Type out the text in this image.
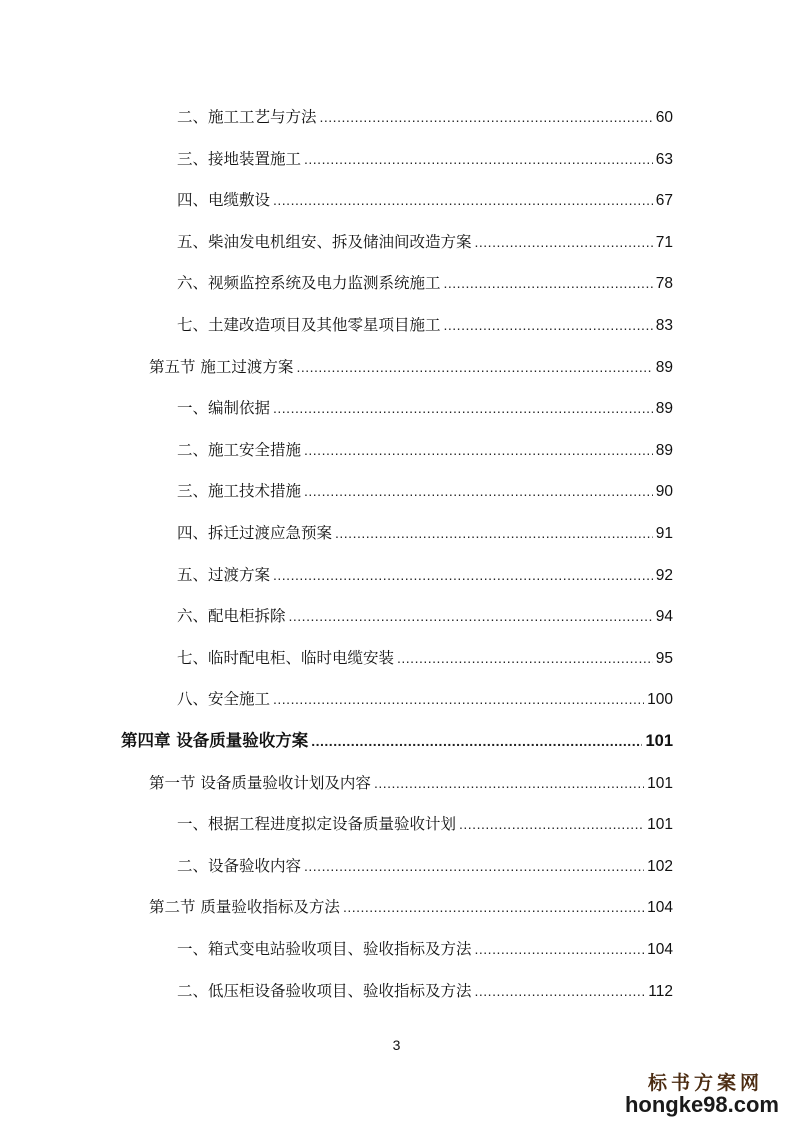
二、施工工艺与方法 .....	60
三、接地装置施工 .....	63
四、电缆敷设 .....	67
五、柴油发电机组安、拆及储油间改造方案 .....	71
六、视频监控系统及电力监测系统施工 .....	78
七、土建改造项目及其他零星项目施工 .....	83
第五节 施工过渡方案 .....	89
一、编制依据 .....	89
二、施工安全措施 .....	89
三、施工技术措施 .....	90
四、拆迁过渡应急预案 .....	91
五、过渡方案 .....	92
六、配电柜拆除 .....	94
七、临时配电柜、临时电缆安装 .....	95
八、安全施工 .....	100
第四章 设备质量验收方案 .....	101
第一节 设备质量验收计划及内容 .....	101
一、根据工程进度拟定设备质量验收计划 .....	101
二、设备验收内容 .....	102
第二节 质量验收指标及方法 .....	104
一、箱式变电站验收项目、验收指标及方法 .....	104
二、低压柜设备验收项目、验收指标及方法 .....	112
3
标书方案网
hongke98.com
